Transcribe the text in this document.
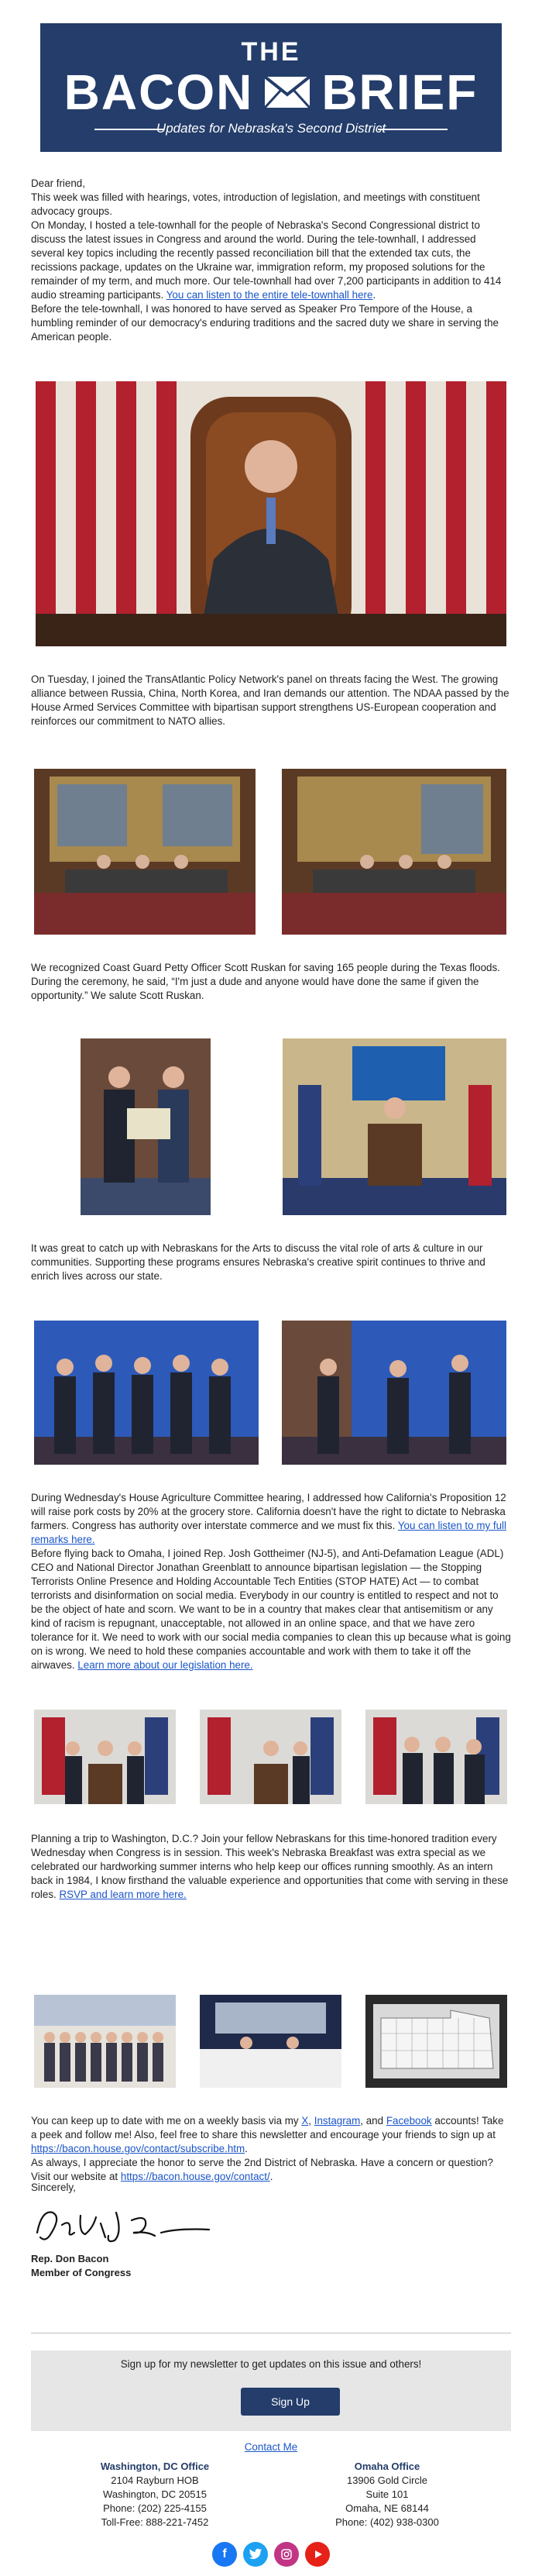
THE
BACON BRIEF
Updates for Nebraska's Second District

Dear friend,

This week was filled with hearings, votes, introduction of legislation, and meetings with constituent advocacy groups.

On Monday, I hosted a tele-townhall for the people of Nebraska's Second Congressional district to discuss the latest issues in Congress and around the world. During the tele-townhall, I addressed several key topics including the recently passed reconciliation bill that the extended tax cuts, the recissions package, updates on the Ukraine war, immigration reform, my proposed solutions for the remainder of my term, and much more. Our tele-townhall had over 7,200 participants in addition to 414 audio streaming participants. You can listen to the entire tele-townhall here.

Before the tele-townhall, I was honored to have served as Speaker Pro Tempore of the House, a humbling reminder of our democracy's enduring traditions and the sacred duty we share in serving the American people.

On Tuesday, I joined the TransAtlantic Policy Network's panel on threats facing the West. The growing alliance between Russia, China, North Korea, and Iran demands our attention. The NDAA passed by the House Armed Services Committee with bipartisan support strengthens US-European cooperation and reinforces our commitment to NATO allies.
We recognized Coast Guard Petty Officer Scott Ruskan for saving 165 people during the Texas floods. During the ceremony, he said, “I'm just a dude and anyone would have done the same if given the opportunity.” We salute Scott Ruskan.
It was great to catch up with Nebraskans for the Arts to discuss the vital role of arts & culture in our communities. Supporting these programs ensures Nebraska's creative spirit continues to thrive and enrich lives across our state.

During Wednesday's House Agriculture Committee hearing, I addressed how California's Proposition 12 will raise pork costs by 20% at the grocery store. California doesn't have the right to dictate to Nebraska farmers. Congress has authority over interstate commerce and we must fix this. You can listen to my full remarks here.

Before flying back to Omaha, I joined Rep. Josh Gottheimer (NJ-5), and Anti-Defamation League (ADL) CEO and National Director Jonathan Greenblatt to announce bipartisan legislation — the Stopping Terrorists Online Presence and Holding Accountable Tech Entities (STOP HATE) Act — to combat terrorists and disinformation on social media. Everybody in our country is entitled to respect and not to be the object of hate and scorn. We want to be in a country that makes clear that antisemitism or any kind of racism is repugnant, unacceptable, not allowed in an online space, and that we have zero tolerance for it. We need to work with our social media companies to clean this up because what is going on is wrong. We need to hold these companies accountable and work with them to take it off the airwaves. Learn more about our legislation here.

Planning a trip to Washington, D.C.? Join your fellow Nebraskans for this time-honored tradition every Wednesday when Congress is in session. This week's Nebraska Breakfast was extra special as we celebrated our hardworking summer interns who help keep our offices running smoothly. As an intern back in 1984, I know firsthand the valuable experience and opportunities that come with serving in these roles. RSVP and learn more here.

You can keep up to date with me on a weekly basis via my X, Instagram, and Facebook accounts! Take a peek and follow me! Also, feel free to share this newsletter and encourage your friends to sign up at https://bacon.house.gov/contact/subscribe.htm.

As always, I appreciate the honor to serve the 2nd District of Nebraska. Have a concern or question? Visit our website at https://bacon.house.gov/contact/.

Sincerely,
Rep. Don Bacon
Member of Congress
Sign up for my newsletter to get updates on this issue and others!
Sign Up
Contact Me
Washington, DC Office
2104 Rayburn HOB
Washington, DC 20515
Phone: (202) 225-4155
Toll-Free: 888-221-7452
Omaha Office
13906 Gold Circle
Suite 101
Omaha, NE 68144
Phone: (402) 938-0300
f
